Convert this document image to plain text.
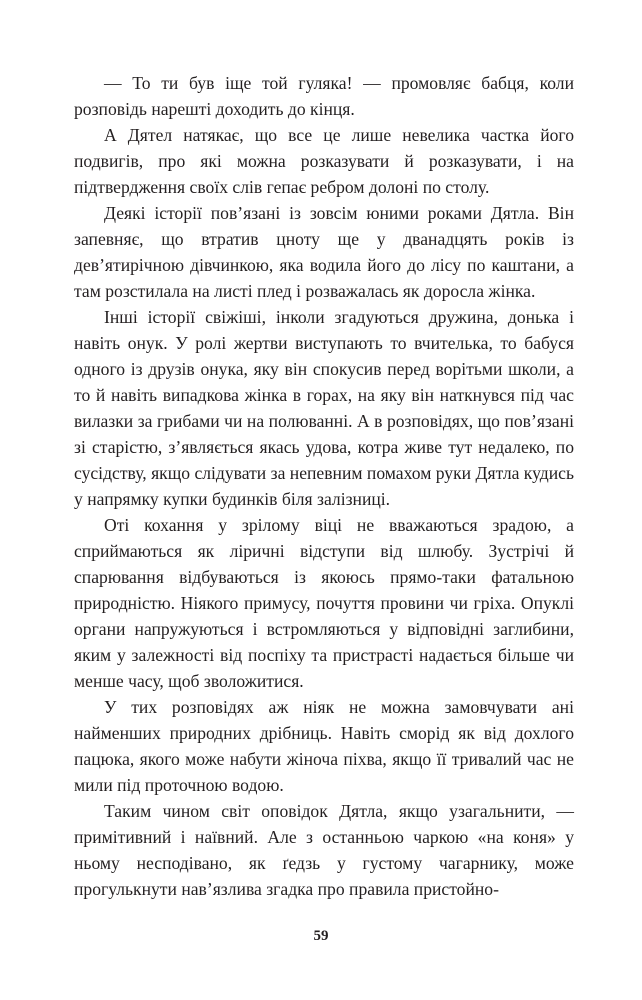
— То ти був іще той гуляка! — промовляє бабця, коли розповідь нарешті доходить до кінця.

А Дятел натякає, що все це лише невелика частка його подвигів, про які можна розказувати й розказувати, і на підтвердження своїх слів гепає ребром долоні по столу.

Деякі історії пов’язані із зовсім юними роками Дятла. Він запевняє, що втратив цноту ще у дванадцять років із дев’ятирічною дівчинкою, яка водила його до лісу по каштани, а там розстилала на листі плед і розважалась як доросла жінка.

Інші історії свіжіші, інколи згадуються дружина, донька і навіть онук. У ролі жертви виступають то вчителька, то бабуся одного із друзів онука, яку він спокусив перед ворітьми школи, а то й навіть випадкова жінка в горах, на яку він наткнувся під час вилазки за грибами чи на полюванні. А в розповідях, що пов’язані зі старістю, з’являється якась удова, котра живе тут недалеко, по сусідству, якщо слідувати за непевним помахом руки Дятла кудись у напрямку купки будинків біля залізниці.

Оті кохання у зрілому віці не вважаються зрадою, а сприймаються як ліричні відступи від шлюбу. Зустрічі й спарювання відбуваються із якоюсь прямо-таки фатальною природністю. Ніякого примусу, почуття провини чи гріха. Опуклі органи напружуються і встромляються у відповідні заглибини, яким у залежності від поспіху та пристрасті надається більше чи менше часу, щоб зволожитися.

У тих розповідях аж ніяк не можна замовчувати ані найменших природних дрібниць. Навіть сморід як від дохлого пацюка, якого може набути жіноча піхва, якщо її тривалий час не мили під проточною водою.

Таким чином світ оповідок Дятла, якщо узагальнити, — примітивний і наївний. Але з останньою чаркою «на коня» у ньому несподівано, як ґедзь у густому чагарнику, може прогулькнути нав’язлива згадка про правила пристойно-

59
